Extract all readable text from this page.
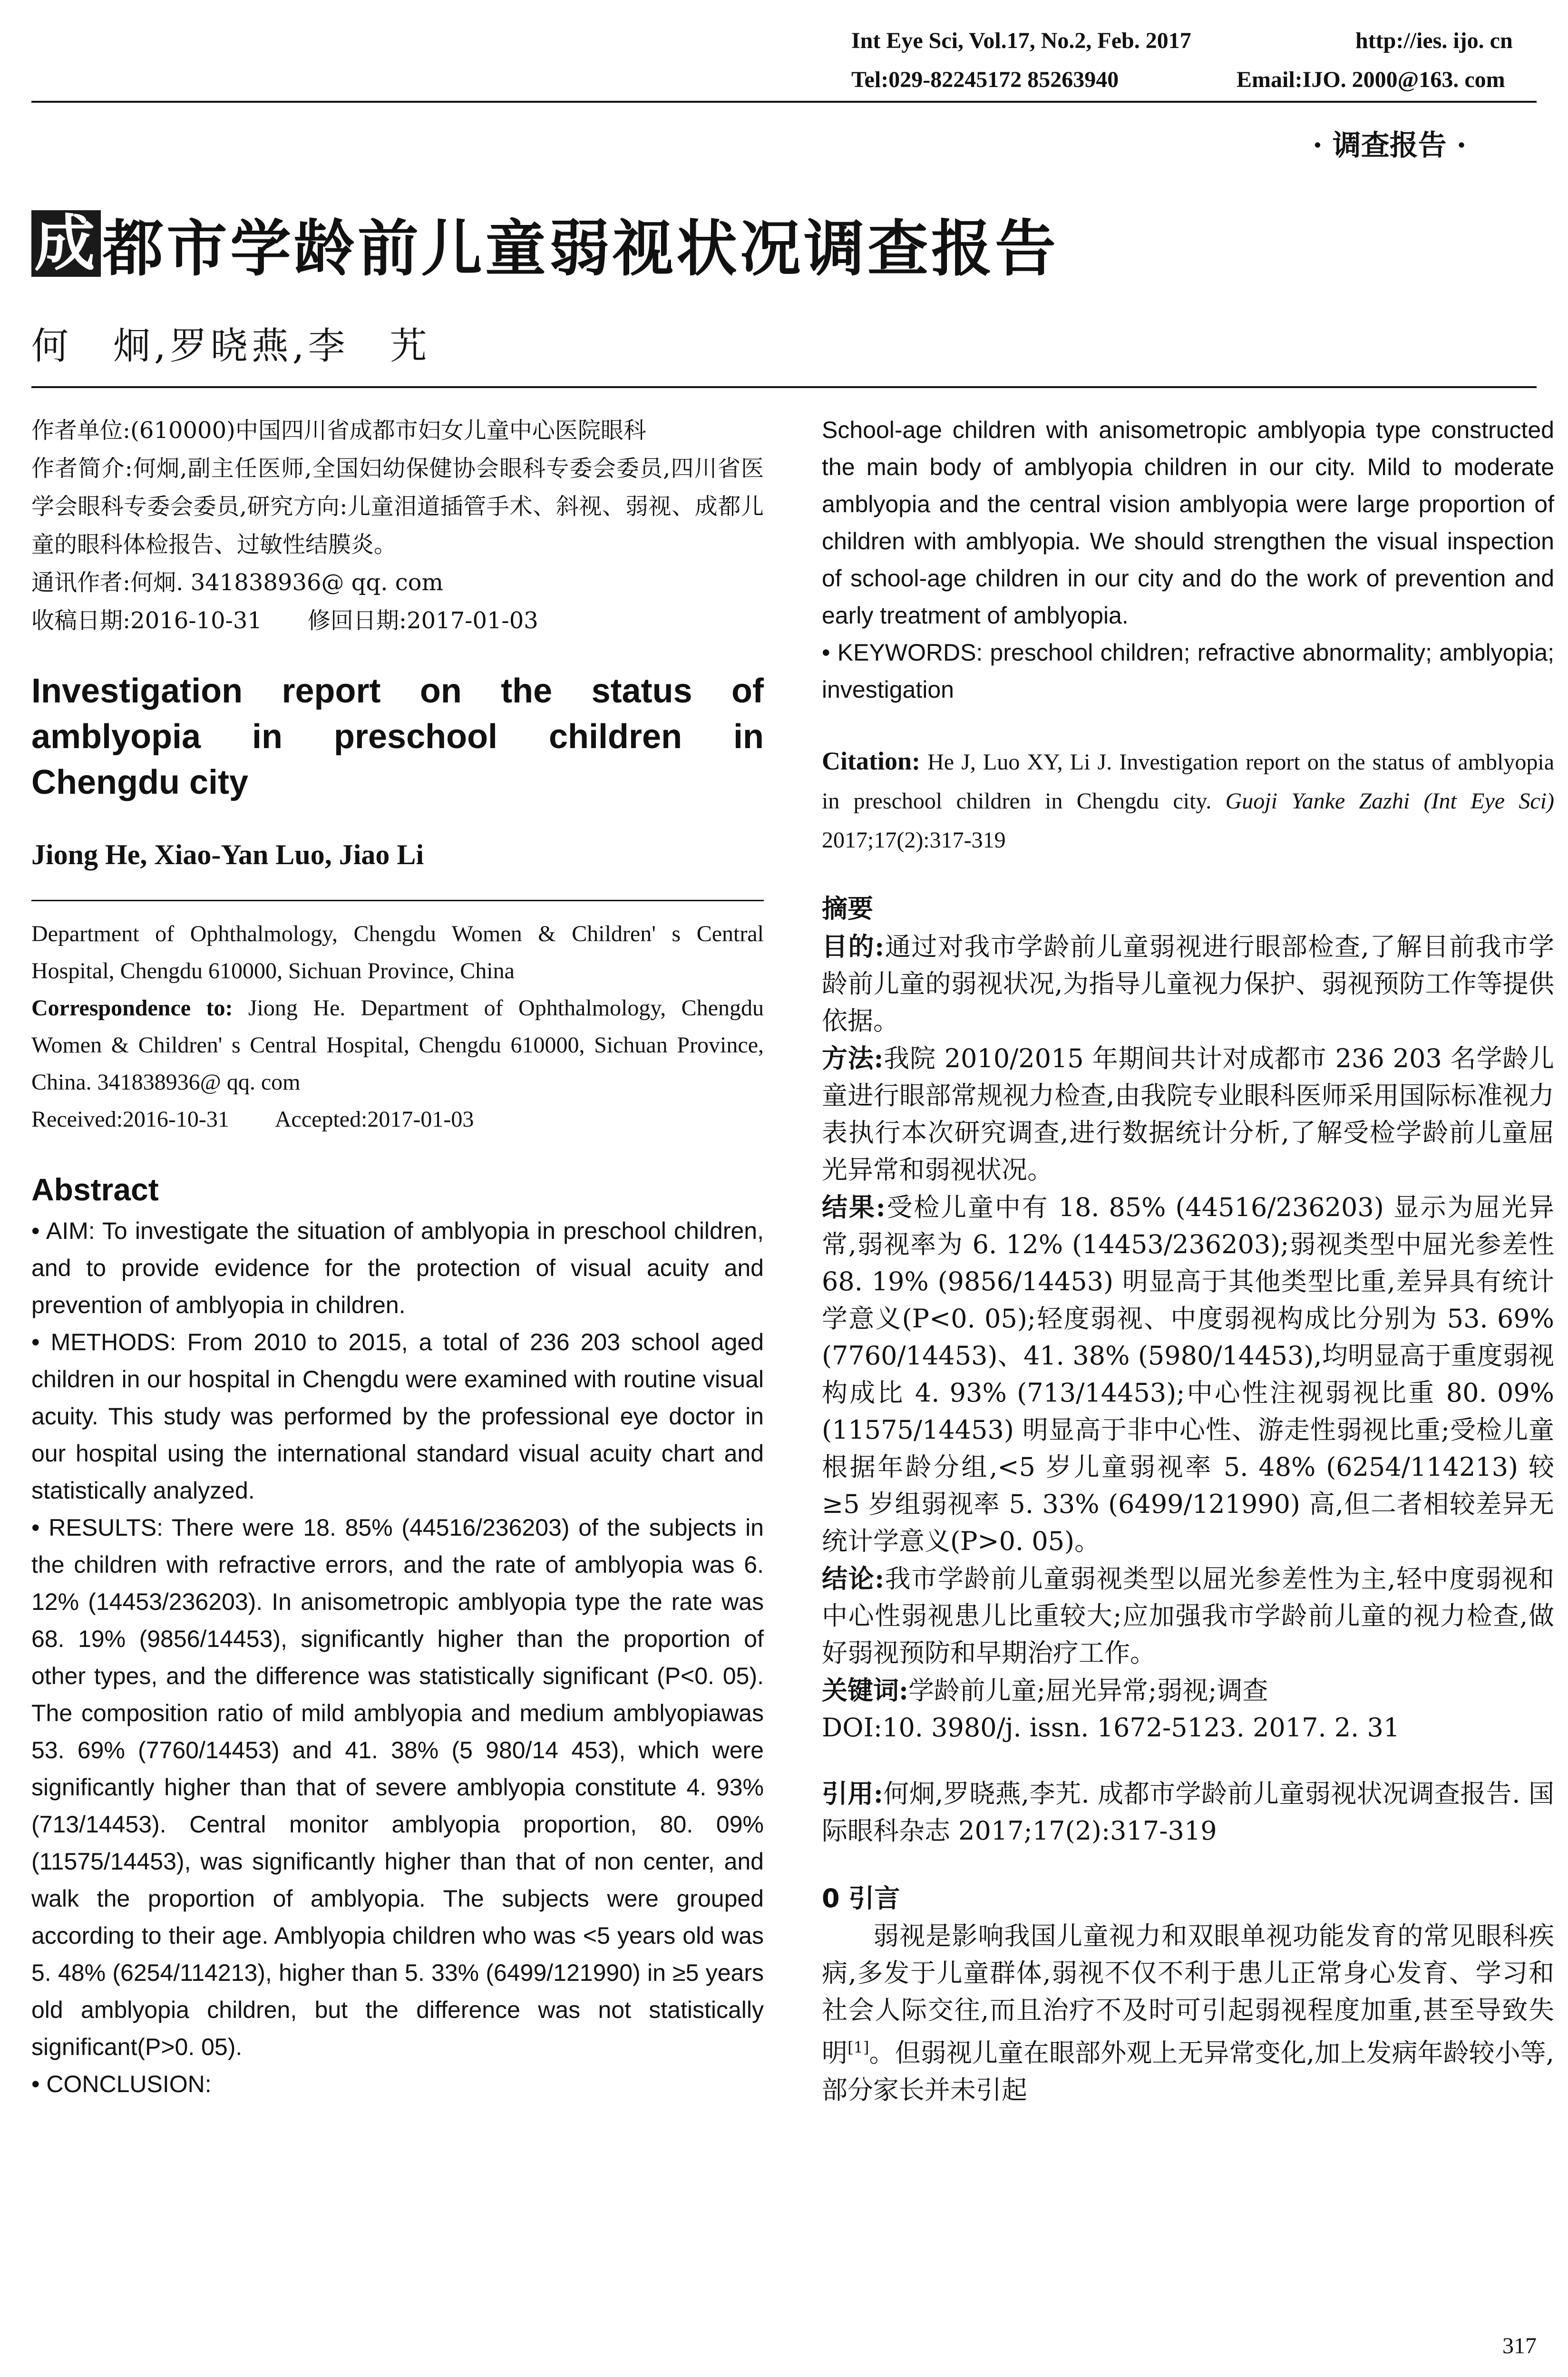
Int Eye Sci, Vol.17, No.2, Feb. 2017	http://ies. ijo. cn
Tel:029-82245172 85263940	Email:IJO. 2000@163. com
· 调查报告 ·
成 都市学龄前儿童弱视状况调查报告
何　炯,罗晓燕,李　艽
作者单位:(610000)中国四川省成都市妇女儿童中心医院眼科
作者简介:何炯,副主任医师,全国妇幼保健协会眼科专委会委员,四川省医学会眼科专委会委员,研究方向:儿童泪道插管手术、斜视、弱视、成都儿童的眼科体检报告、过敏性结膜炎。
通讯作者:何炯. 341838936@ qq. com
收稿日期:2016-10-31　　修回日期:2017-01-03
Investigation report on the status of
amblyopia in preschool children in
Chengdu city
Jiong He, Xiao-Yan Luo, Jiao Li
Department of Ophthalmology, Chengdu Women & Children' s Central Hospital, Chengdu 610000, Sichuan Province, China
Correspondence to: Jiong He. Department of Ophthalmology, Chengdu Women & Children' s Central Hospital, Chengdu 610000, Sichuan Province, China. 341838936@ qq. com
Received:2016-10-31　　Accepted:2017-01-03
Abstract

• AIM: To investigate the situation of amblyopia in preschool children, and to provide evidence for the protection of visual acuity and prevention of amblyopia in children.

• METHODS: From 2010 to 2015, a total of 236 203 school aged children in our hospital in Chengdu were examined with routine visual acuity. This study was performed by the professional eye doctor in our hospital using the international standard visual acuity chart and statistically analyzed.

• RESULTS: There were 18. 85% (44516/236203) of the subjects in the children with refractive errors, and the rate of amblyopia was 6. 12% (14453/236203). In anisometropic amblyopia type the rate was 68. 19% (9856/14453), significantly higher than the proportion of other types, and the difference was statistically significant (P<0. 05). The composition ratio of mild amblyopia and medium amblyopiawas 53. 69% (7760/14453) and 41. 38% (5 980/14 453), which were significantly higher than that of severe amblyopia constitute 4. 93% (713/14453). Central monitor amblyopia proportion, 80. 09% (11575/14453), was significantly higher than that of non center, and walk the proportion of amblyopia. The subjects were grouped according to their age. Amblyopia children who was <5 years old was 5. 48% (6254/114213), higher than 5. 33% (6499/121990) in ≥5 years old amblyopia children, but the difference was not statistically significant(P>0. 05).

• CONCLUSION:

School-age children with anisometropic amblyopia type constructed the main body of amblyopia children in our city. Mild to moderate amblyopia and the central vision amblyopia were large proportion of children with amblyopia. We should strengthen the visual inspection of school-age children in our city and do the work of prevention and early treatment of amblyopia.

• KEYWORDS: preschool children; refractive abnormality; amblyopia; investigation

Citation: He J, Luo XY, Li J. Investigation report on the status of amblyopia in preschool children in Chengdu city. Guoji Yanke Zazhi (Int Eye Sci) 2017;17(2):317-319
摘要

目的:通过对我市学龄前儿童弱视进行眼部检查,了解目前我市学龄前儿童的弱视状况,为指导儿童视力保护、弱视预防工作等提供依据。

方法:我院 2010/2015 年期间共计对成都市 236 203 名学龄儿童进行眼部常规视力检查,由我院专业眼科医师采用国际标准视力表执行本次研究调查,进行数据统计分析,了解受检学龄前儿童屈光异常和弱视状况。

结果:受检儿童中有 18. 85% (44516/236203) 显示为屈光异常,弱视率为 6. 12% (14453/236203);弱视类型中屈光参差性 68. 19% (9856/14453) 明显高于其他类型比重,差异具有统计学意义(P<0. 05);轻度弱视、中度弱视构成比分别为 53. 69% (7760/14453)、41. 38% (5980/14453),均明显高于重度弱视构成比 4. 93% (713/14453);中心性注视弱视比重 80. 09% (11575/14453) 明显高于非中心性、游走性弱视比重;受检儿童根据年龄分组,<5 岁儿童弱视率 5. 48% (6254/114213) 较 ≥5 岁组弱视率 5. 33% (6499/121990) 高,但二者相较差异无统计学意义(P>0. 05)。

结论:我市学龄前儿童弱视类型以屈光参差性为主,轻中度弱视和中心性弱视患儿比重较大;应加强我市学龄前儿童的视力检查,做好弱视预防和早期治疗工作。

关键词:学龄前儿童;屈光异常;弱视;调查

DOI:10. 3980/j. issn. 1672-5123. 2017. 2. 31

引用:何炯,罗晓燕,李艽. 成都市学龄前儿童弱视状况调查报告. 国际眼科杂志 2017;17(2):317-319

0 引言

弱视是影响我国儿童视力和双眼单视功能发育的常见眼科疾病,多发于儿童群体,弱视不仅不利于患儿正常身心发育、学习和社会人际交往,而且治疗不及时可引起弱视程度加重,甚至导致失明[1]。但弱视儿童在眼部外观上无异常变化,加上发病年龄较小等,部分家长并未引起

317
